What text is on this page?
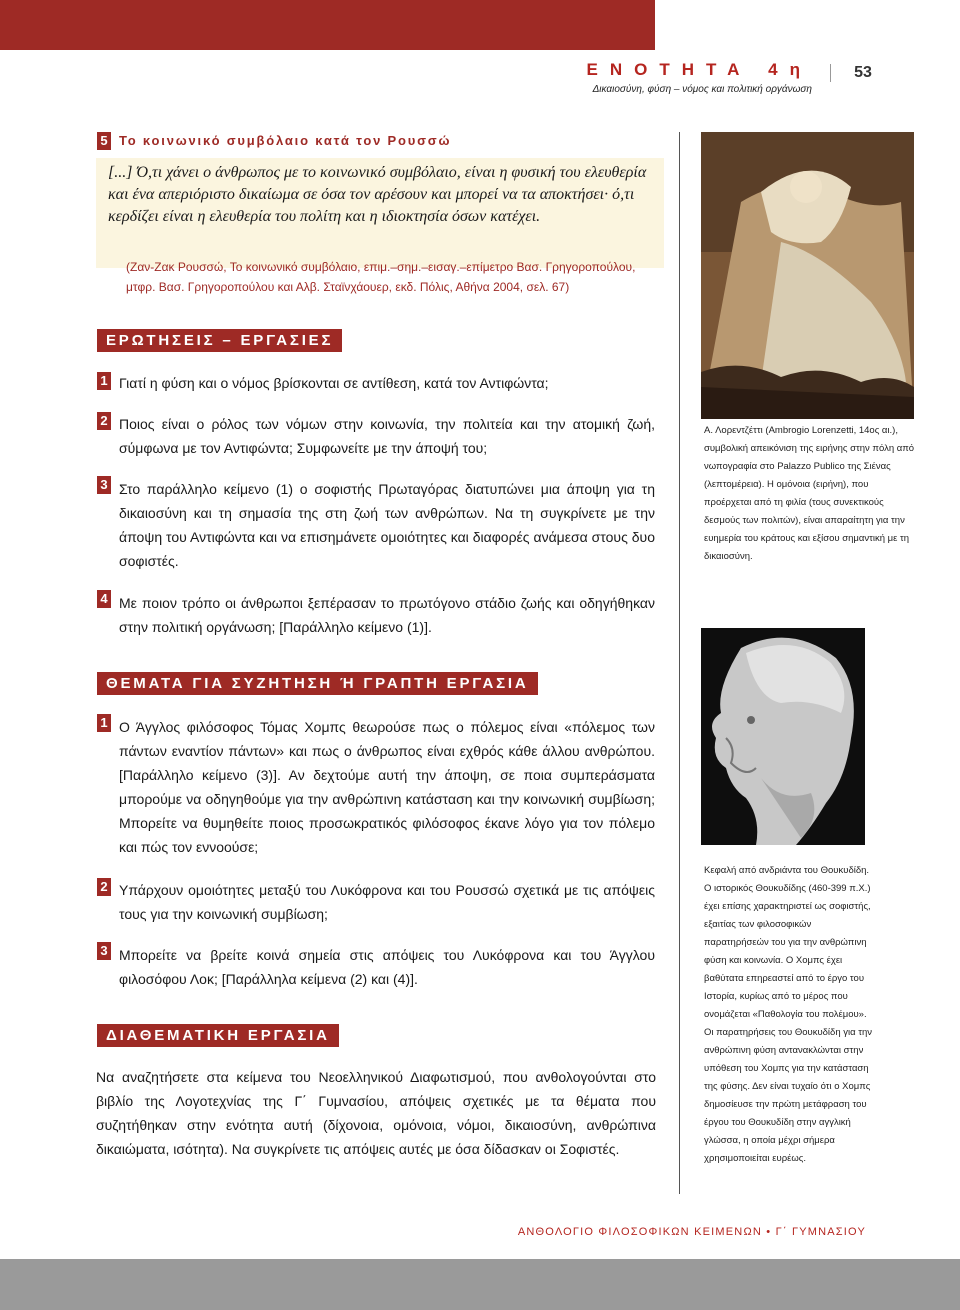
ΕΝΟΤΗΤΑ 4η
Δικαιοσύνη, φύση – νόμος και πολιτική οργάνωση
53
5 Το κοινωνικό συμβόλαιο κατά τον Ρουσσώ
[...] Ό,τι χάνει ο άνθρωπος με το κοινωνικό συμβόλαιο, είναι η φυσική του ελευθερία και ένα απεριόριστο δικαίωμα σε όσα τον αρέσουν και μπορεί να τα αποκτήσει· ό,τι κερδίζει είναι η ελευθερία του πολίτη και η ιδιοκτησία όσων κατέχει.
(Ζαν-Ζακ Ρουσσώ, Το κοινωνικό συμβόλαιο, επιμ.–σημ.–εισαγ.–επίμετρο Βασ. Γρηγοροπούλου, μτφρ. Βασ. Γρηγοροπούλου και Αλβ. Σταϊνχάουερ, εκδ. Πόλις, Αθήνα 2004, σελ. 67)
ΕΡΩΤΗΣΕΙΣ – ΕΡΓΑΣΙΕΣ
1 Γιατί η φύση και ο νόμος βρίσκονται σε αντίθεση, κατά τον Αντιφώντα;
2 Ποιος είναι ο ρόλος των νόμων στην κοινωνία, την πολιτεία και την ατομική ζωή, σύμφωνα με τον Αντιφώντα; Συμφωνείτε με την άποψή του;
3 Στο παράλληλο κείμενο (1) ο σοφιστής Πρωταγόρας διατυπώνει μια άποψη για τη δικαιοσύνη και τη σημασία της στη ζωή των ανθρώπων. Να τη συγκρίνετε με την άποψη του Αντιφώντα και να επισημάνετε ομοιότητες και διαφορές ανάμεσα στους δυο σοφιστές.
4 Με ποιον τρόπο οι άνθρωποι ξεπέρασαν το πρωτόγονο στάδιο ζωής και οδηγήθηκαν στην πολιτική οργάνωση; [Παράλληλο κείμενο (1)].
ΘΕΜΑΤΑ ΓΙΑ ΣΥΖΗΤΗΣΗ Ή ΓΡΑΠΤΗ ΕΡΓΑΣΙΑ
1 Ο Άγγλος φιλόσοφος Τόμας Χομπς θεωρούσε πως ο πόλεμος είναι «πόλεμος των πάντων εναντίον πάντων» και πως ο άνθρωπος είναι εχθρός κάθε άλλου ανθρώπου. [Παράλληλο κείμενο (3)]. Αν δεχτούμε αυτή την άποψη, σε ποια συμπεράσματα μπορούμε να οδηγηθούμε για την ανθρώπινη κατάσταση και την κοινωνική συμβίωση; Μπορείτε να θυμηθείτε ποιος προσωκρατικός φιλόσοφος έκανε λόγο για τον πόλεμο και πώς τον εννοούσε;
2 Υπάρχουν ομοιότητες μεταξύ του Λυκόφρονα και του Ρουσσώ σχετικά με τις απόψεις τους για την κοινωνική συμβίωση;
3 Μπορείτε να βρείτε κοινά σημεία στις απόψεις του Λυκόφρονα και του Άγγλου φιλοσόφου Λοκ; [Παράλληλα κείμενα (2) και (4)].
ΔΙΑΘΕΜΑΤΙΚΗ ΕΡΓΑΣΙΑ
Να αναζητήσετε στα κείμενα του Νεοελληνικού Διαφωτισμού, που ανθολογούνται στο βιβλίο της Λογοτεχνίας της Γ΄ Γυμνασίου, απόψεις σχετικές με τα θέματα που συζητήθηκαν στην ενότητα αυτή (δίχονοια, ομόνοια, νόμοι, δικαιοσύνη, ανθρώπινα δικαιώματα, ισότητα). Να συγκρίνετε τις απόψεις αυτές με όσα δίδασκαν οι Σοφιστές.
Α. Λορεντζέττι (Ambrogio Lorenzetti, 14ος αι.), συμβολική απεικόνιση της ειρήνης στην πόλη από νωπογραφία στο Palazzo Publico της Σιένας (λεπτομέρεια). Η ομόνοια (ειρήνη), που προέρχεται από τη φιλία (τους συνεκτικούς δεσμούς των πολιτών), είναι απαραίτητη για την ευημερία του κράτους και εξίσου σημαντική με τη δικαιοσύνη.
Κεφαλή από ανδριάντα του Θουκυδίδη. Ο ιστορικός Θουκυδίδης (460-399 π.Χ.) έχει επίσης χαρακτηριστεί ως σοφιστής, εξαιτίας των φιλοσοφικών παρατηρήσεών του για την ανθρώπινη φύση και κοινωνία. Ο Χομπς έχει βαθύτατα επηρεαστεί από το έργο του Ιστορία, κυρίως από το μέρος που ονομάζεται «Παθολογία του πολέμου». Οι παρατηρήσεις του Θουκυδίδη για την ανθρώπινη φύση αντανακλώνται στην υπόθεση του Χομπς για την κατάσταση της φύσης. Δεν είναι τυχαίο ότι ο Χομπς δημοσίευσε την πρώτη μετάφραση του έργου του Θουκυδίδη στην αγγλική γλώσσα, η οποία μέχρι σήμερα χρησιμοποιείται ευρέως.
ΑΝΘΟΛΟΓΙΟ ΦΙΛΟΣΟΦΙΚΩΝ ΚΕΙΜΕΝΩΝ • Γ΄ ΓΥΜΝΑΣΙΟΥ
